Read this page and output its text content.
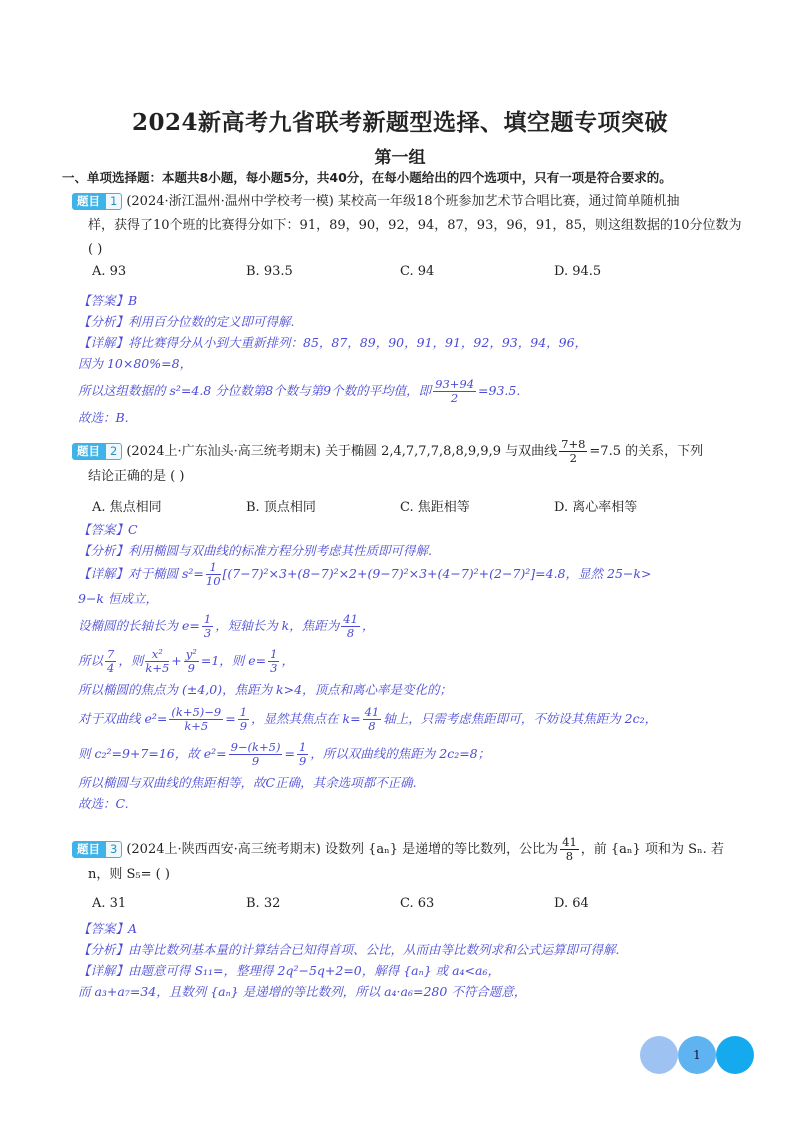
2024新高考九省联考新题型选择、填空题专项突破
第一组
一、单项选择题：本题共8小题，每小题5分，共40分，在每小题给出的四个选项中，只有一项是符合要求的。
题目 1 (2024·浙江温州·温州中学校考一模) 某校高一年级18个班参加艺术节合唱比赛，通过简单随机抽
样，获得了10个班的比赛得分如下：91，89，90，92，94，87，93，96，91，85，则这组数据的10分位数为
( )
A. 93	B. 93.5	C. 94	D. 94.5
【答案】B
【分析】利用百分位数的定义即可得解.
【详解】将比赛得分从小到大重新排列：85，87，89，90，91，91，92，93，94，96，
因为 10×80%=8，
所以这组数据的 s²=4.8 分位数第8个数与第9个数的平均值，即 $\frac{93+94}{2} =93.5$.
故选：B.
题目 2 (2024上·广东汕头·高三统考期末) 关于椭圆 2,4,7,7,7,8,8,9,9,9 与双曲线 $\frac{7+8}{2} =7.5$ 的关系，下列
结论正确的是 ( )
A. 焦点相同	B. 顶点相同	C. 焦距相等	D. 离心率相等
【答案】C
【分析】利用椭圆与双曲线的标准方程分别考虑其性质即可得解.
【详解】对于椭圆 $s^2= \frac{1}{10} [(7-7)^2\times 3+(8-7)^2\times 2+(9-7)^2\times 3+(4-7)^2+(2-7)^2]=4.8$，显然 25−k>
9−k 恒成立，
设椭圆的长轴长为 $e= \frac{1}{3}$ ，短轴长为 k，焦距为 $\frac{41}{8}$ ，
所以 $\frac{7}{4}$ ，则 $\frac{\text{x²}}{k+5} + \frac{\text{y²}}{9} =1$，则 $e= \frac{1}{3}$ ，
所以椭圆的焦点为 (±4,0)，焦距为 k>4，顶点和离心率是变化的；
对于双曲线 $e^2= \frac{(k+5)-9}{k+5} = \frac{1}{9}$ ，显然其焦点在 $k= \frac{41}{8}$ 轴上，只需考虑焦距即可，不妨设其焦距为 2c₂，
则 c₂²=9+7=16，故 $e^2= \frac{9-(k+5)}{9} = \frac{1}{9}$ ，所以双曲线的焦距为 2c₂=8；
所以椭圆与双曲线的焦距相等，故C正确，其余选项都不正确.
故选：C.
题目 3 (2024上·陕西西安·高三统考期末) 设数列 {aₙ} 是递增的等比数列，公比为 $\frac{41}{8}$ ，前 {aₙ} 项和为 Sₙ. 若
n，则 S₅= ( )
A. 31	B. 32	C. 63	D. 64
【答案】A
【分析】由等比数列基本量的计算结合已知得首项、公比，从而由等比数列求和公式运算即可得解.
【详解】由题意可得 S₁₁=，整理得 2q²−5q+2=0，解得 {aₙ} 或 a₄<a₆，
而 a₃+a₇=34，且数列 {aₙ} 是递增的等比数列，所以 a₄·a₆=280 不符合题意，
1
